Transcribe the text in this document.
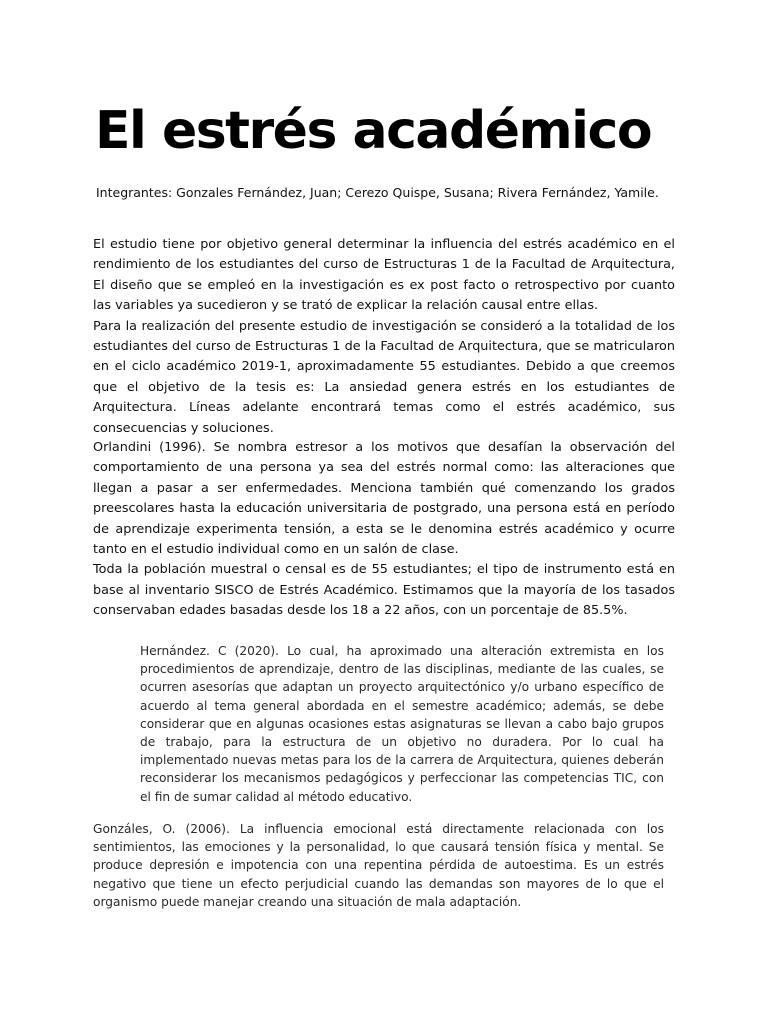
El estrés académico

Integrantes: Gonzales Fernández, Juan; Cerezo Quispe, Susana; Rivera Fernández, Yamile.

El estudio tiene por objetivo general determinar la influencia del estrés académico en el rendimiento de los estudiantes del curso de Estructuras 1 de la Facultad de Arquitectura, El diseño que se empleó en la investigación es ex post facto o retrospectivo por cuanto las variables ya sucedieron y se trató de explicar la relación causal entre ellas.

Para la realización del presente estudio de investigación se consideró a la totalidad de los estudiantes del curso de Estructuras 1 de la Facultad de Arquitectura, que se matricularon en el ciclo académico 2019-1, aproximadamente 55 estudiantes. Debido a que creemos que el objetivo de la tesis es: La ansiedad genera estrés en los estudiantes de Arquitectura. Líneas adelante encontrará temas como el estrés académico, sus consecuencias y soluciones.

Orlandini (1996). Se nombra estresor a los motivos que desafían la observación del comportamiento de una persona ya sea del estrés normal como: las alteraciones que llegan a pasar a ser enfermedades. Menciona también qué comenzando los grados preescolares hasta la educación universitaria de postgrado, una persona está en período de aprendizaje experimenta tensión, a esta se le denomina estrés académico y ocurre tanto en el estudio individual como en un salón de clase.

Toda la población muestral o censal es de 55 estudiantes; el tipo de instrumento está en base al inventario SISCO de Estrés Académico. Estimamos que la mayoría de los tasados conservaban edades basadas desde los 18 a 22 años, con un porcentaje de 85.5%.

Hernández. C (2020). Lo cual, ha aproximado una alteración extremista en los procedimientos de aprendizaje, dentro de las disciplinas, mediante de las cuales, se ocurren asesorías que adaptan un proyecto arquitectónico y/o urbano específico de acuerdo al tema general abordada en el semestre académico; además, se debe considerar que en algunas ocasiones estas asignaturas se llevan a cabo bajo grupos de trabajo, para la estructura de un objetivo no duradera. Por lo cual ha implementado nuevas metas para los de la carrera de Arquitectura, quienes deberán reconsiderar los mecanismos pedagógicos y perfeccionar las competencias TIC, con el fin de sumar calidad al método educativo.

Gonzáles, O. (2006). La influencia emocional está directamente relacionada con los sentimientos, las emociones y la personalidad, lo que causará tensión física y mental. Se produce depresión e impotencia con una repentina pérdida de autoestima. Es un estrés negativo que tiene un efecto perjudicial cuando las demandas son mayores de lo que el organismo puede manejar creando una situación de mala adaptación.
